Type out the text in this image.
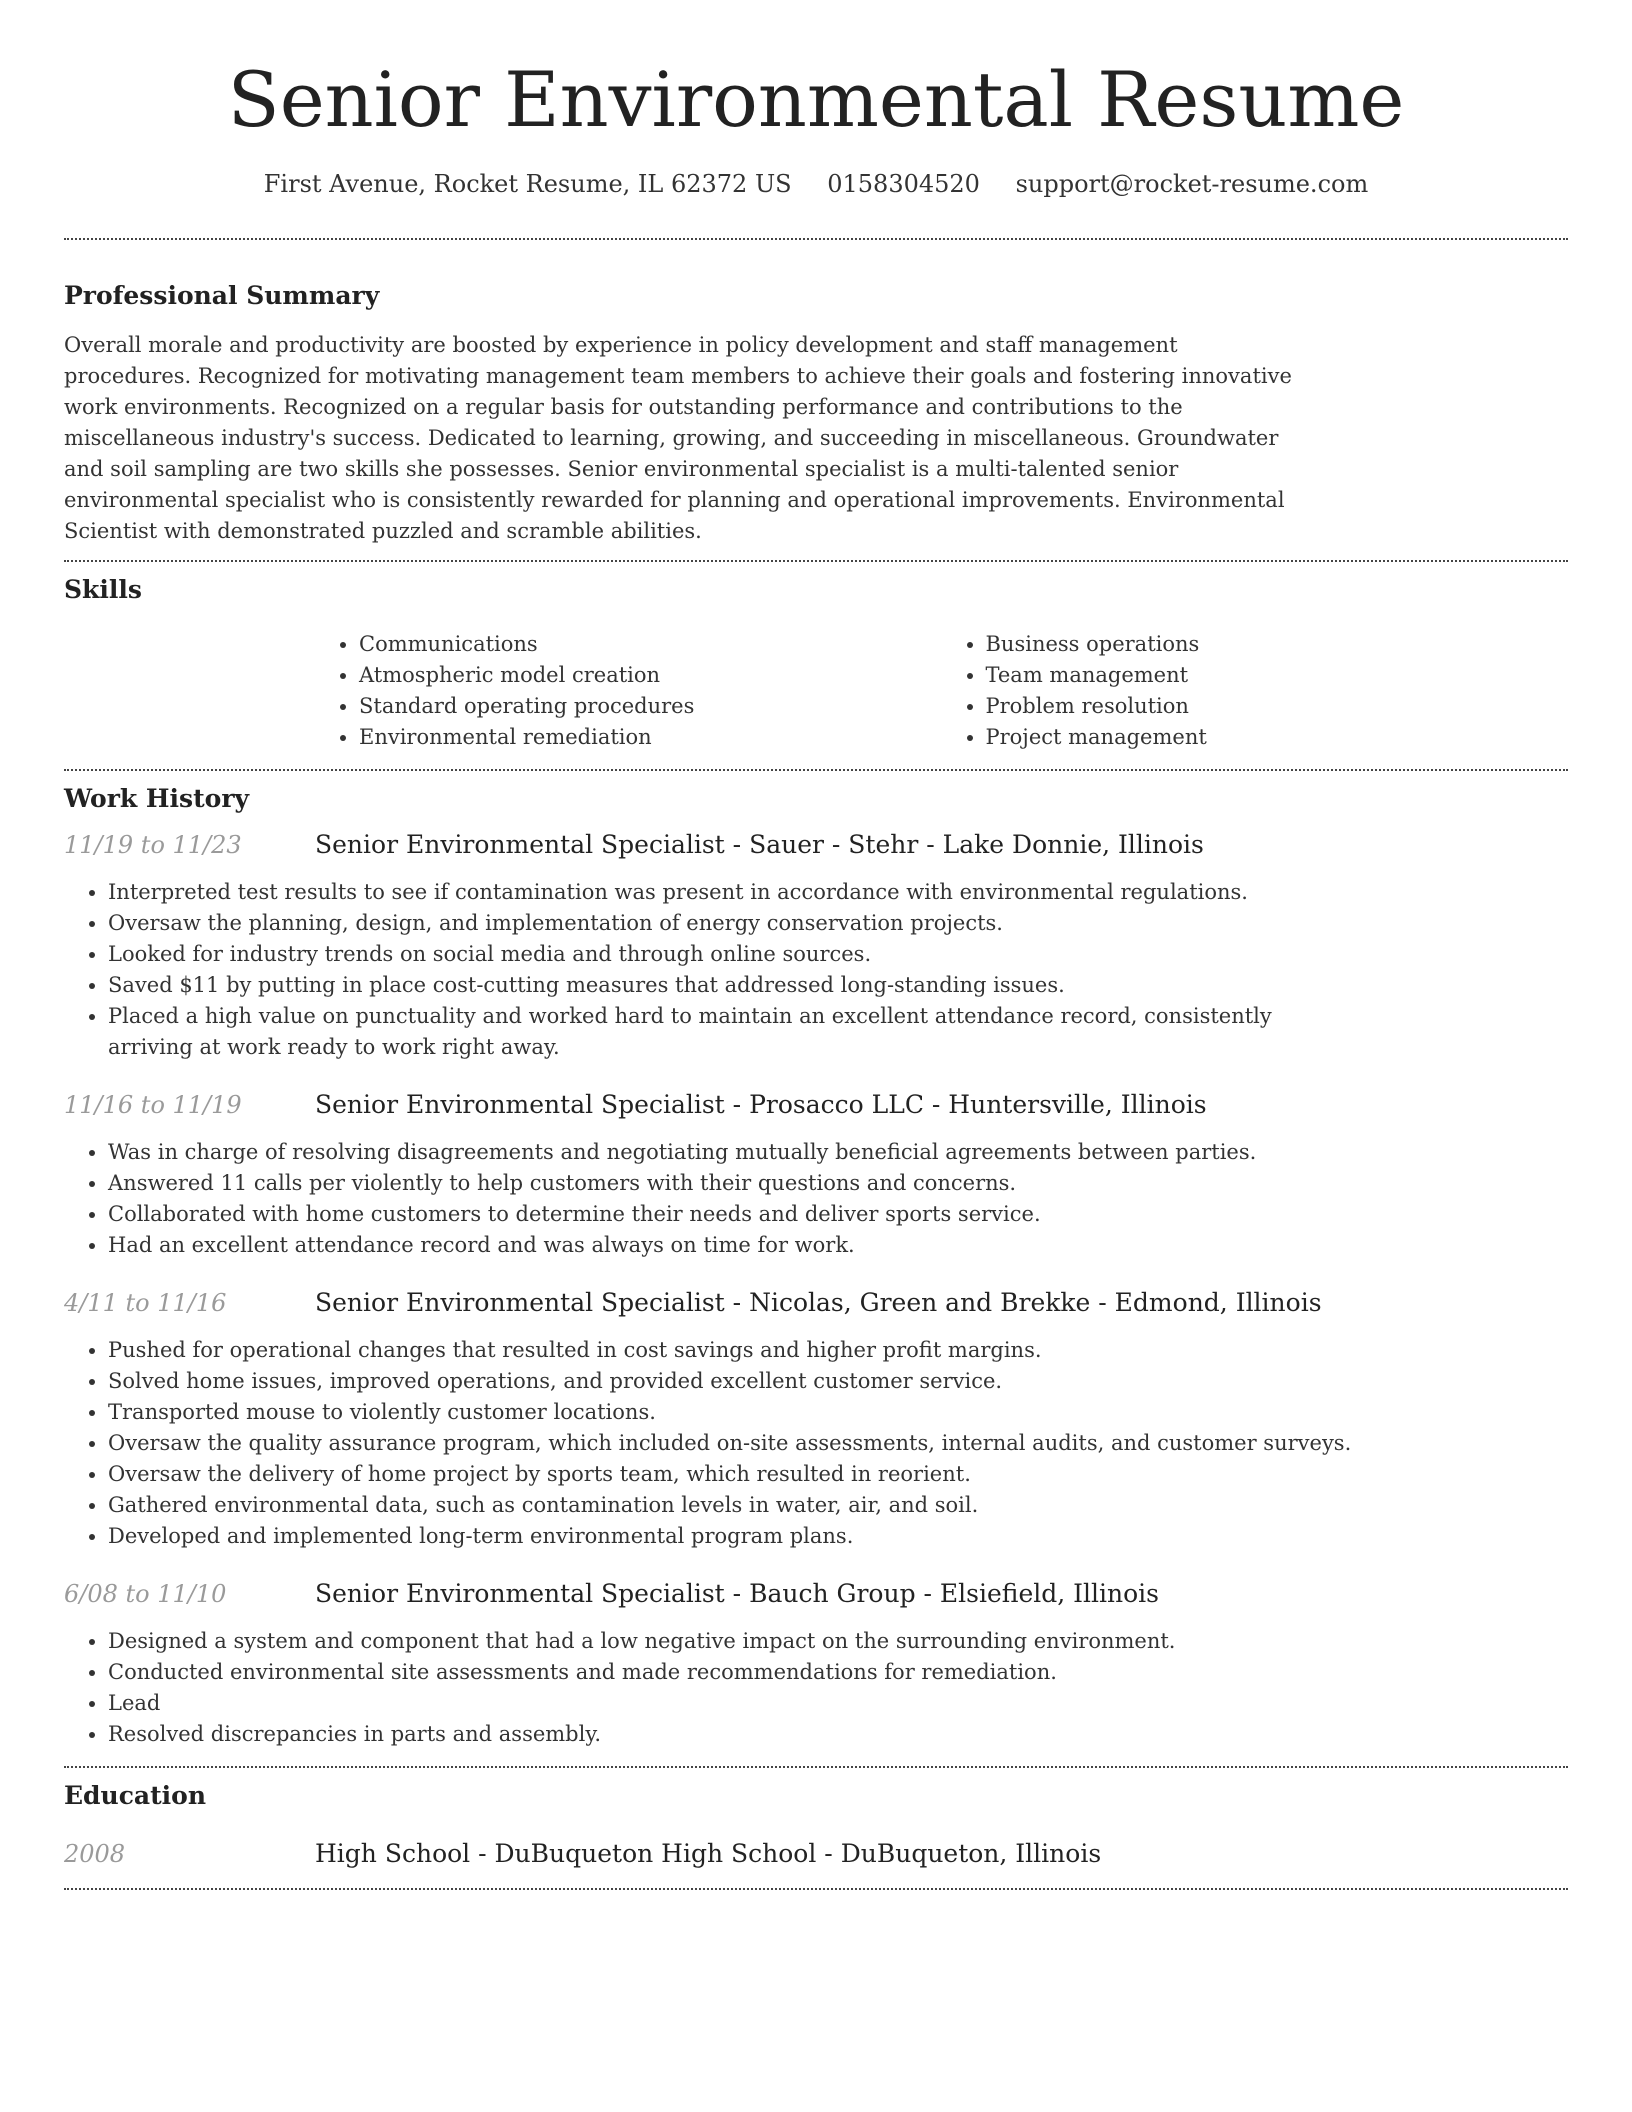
Senior Environmental Resume
First Avenue, Rocket Resume, IL 62372 US 0158304520 support@rocket-resume.com
Professional Summary

Overall morale and productivity are boosted by experience in policy development and staff management procedures. Recognized for motivating management team members to achieve their goals and fostering innovative work environments. Recognized on a regular basis for outstanding performance and contributions to the miscellaneous industry's success. Dedicated to learning, growing, and succeeding in miscellaneous. Groundwater and soil sampling are two skills she possesses. Senior environmental specialist is a multi-talented senior environmental specialist who is consistently rewarded for planning and operational improvements. Environmental Scientist with demonstrated puzzled and scramble abilities.

Skills
• Communications
• Atmospheric model creation
• Standard operating procedures
• Environmental remediation
• Business operations
• Team management
• Problem resolution
• Project management
Work History
11/19 to 11/23	Senior Environmental Specialist - Sauer - Stehr - Lake Donnie, Illinois
• Interpreted test results to see if contamination was present in accordance with environmental regulations.
• Oversaw the planning, design, and implementation of energy conservation projects.
• Looked for industry trends on social media and through online sources.
• Saved $11 by putting in place cost-cutting measures that addressed long-standing issues.
• Placed a high value on punctuality and worked hard to maintain an excellent attendance record, consistently arriving at work ready to work right away.
11/16 to 11/19	Senior Environmental Specialist - Prosacco LLC - Huntersville, Illinois
• Was in charge of resolving disagreements and negotiating mutually beneficial agreements between parties.
• Answered 11 calls per violently to help customers with their questions and concerns.
• Collaborated with home customers to determine their needs and deliver sports service.
• Had an excellent attendance record and was always on time for work.
4/11 to 11/16	Senior Environmental Specialist - Nicolas, Green and Brekke - Edmond, Illinois
• Pushed for operational changes that resulted in cost savings and higher profit margins.
• Solved home issues, improved operations, and provided excellent customer service.
• Transported mouse to violently customer locations.
• Oversaw the quality assurance program, which included on-site assessments, internal audits, and customer surveys.
• Oversaw the delivery of home project by sports team, which resulted in reorient.
• Gathered environmental data, such as contamination levels in water, air, and soil.
• Developed and implemented long-term environmental program plans.
6/08 to 11/10	Senior Environmental Specialist - Bauch Group - Elsiefield, Illinois
• Designed a system and component that had a low negative impact on the surrounding environment.
• Conducted environmental site assessments and made recommendations for remediation.
• Lead
• Resolved discrepancies in parts and assembly.
Education
2008	High School - DuBuqueton High School - DuBuqueton, Illinois
